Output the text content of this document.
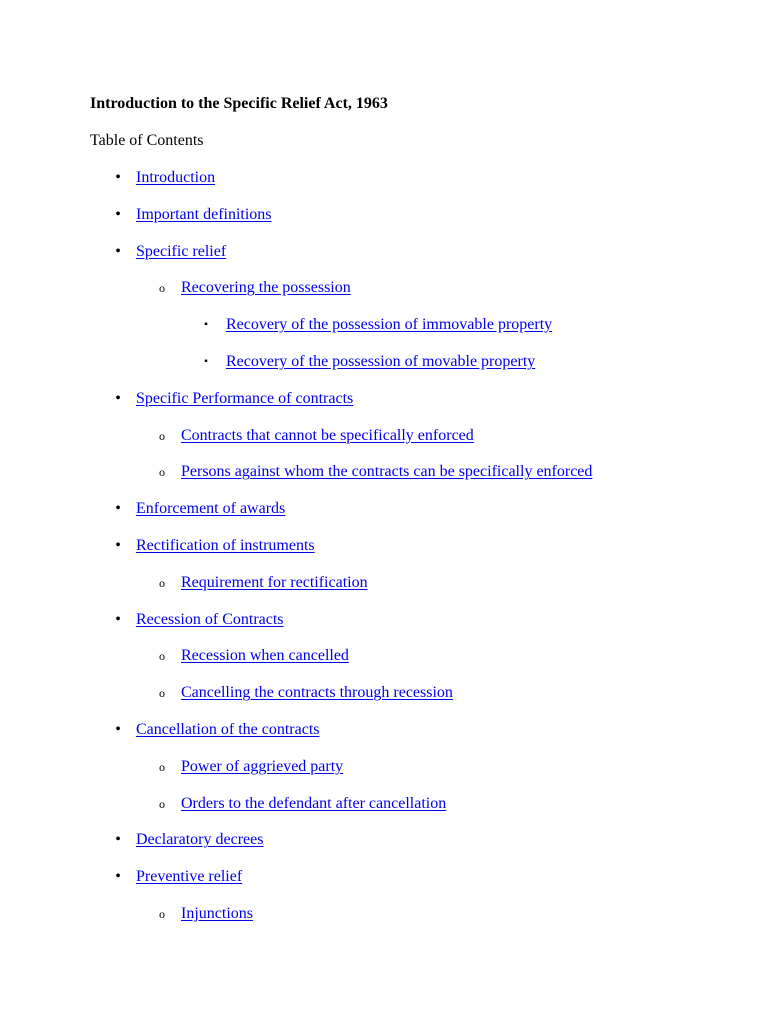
Introduction to the Specific Relief Act, 1963
Table of Contents
• Introduction
• Important definitions
• Specific relief
o Recovering the possession
▪	Recovery of the possession of immovable property
▪	Recovery of the possession of movable property
• Specific Performance of contracts
o Contracts that cannot be specifically enforced
o Persons against whom the contracts can be specifically enforced
• Enforcement of awards
• Rectification of instruments
o Requirement for rectification
• Recession of Contracts
o Recession when cancelled
o Cancelling the contracts through recession
• Cancellation of the contracts
o Power of aggrieved party
o Orders to the defendant after cancellation
• Declaratory decrees
• Preventive relief
o Injunctions
